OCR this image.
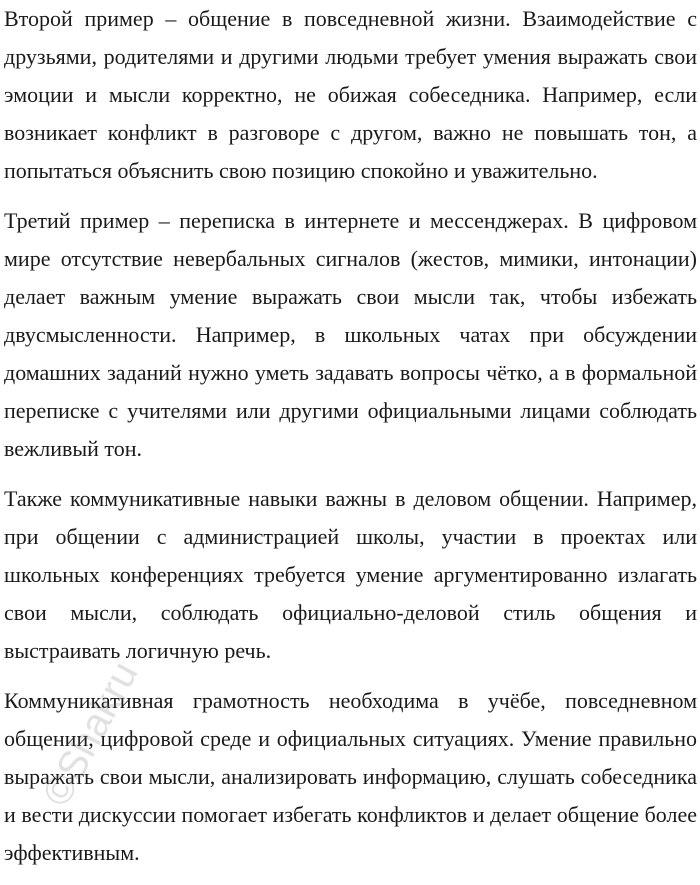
Второй пример – общение в повседневной жизни. Взаимодействие с друзьями, родителями и другими людьми требует умения выражать свои эмоции и мысли корректно, не обижая собеседника. Например, если возникает конфликт в разговоре с другом, важно не повышать тон, а попытаться объяснить свою позицию спокойно и уважительно.

Третий пример – переписка в интернете и мессенджерах. В цифровом мире отсутствие невербальных сигналов (жестов, мимики, интонации) делает важным умение выражать свои мысли так, чтобы избежать двусмысленности. Например, в школьных чатах при обсуждении домашних заданий нужно уметь задавать вопросы чётко, а в формальной переписке с учителями или другими официальными лицами соблюдать вежливый тон.

Также коммуникативные навыки важны в деловом общении. Например, при общении с администрацией школы, участии в проектах или школьных конференциях требуется умение аргументированно излагать свои мысли, соблюдать официально-деловой стиль общения и выстраивать логичную речь.

Коммуникативная грамотность необходима в учёбе, повседневном общении, цифровой среде и официальных ситуациях. Умение правильно выражать свои мысли, анализировать информацию, слушать собеседника и вести дискуссии помогает избегать конфликтов и делает общение более эффективным.

©Shakru
